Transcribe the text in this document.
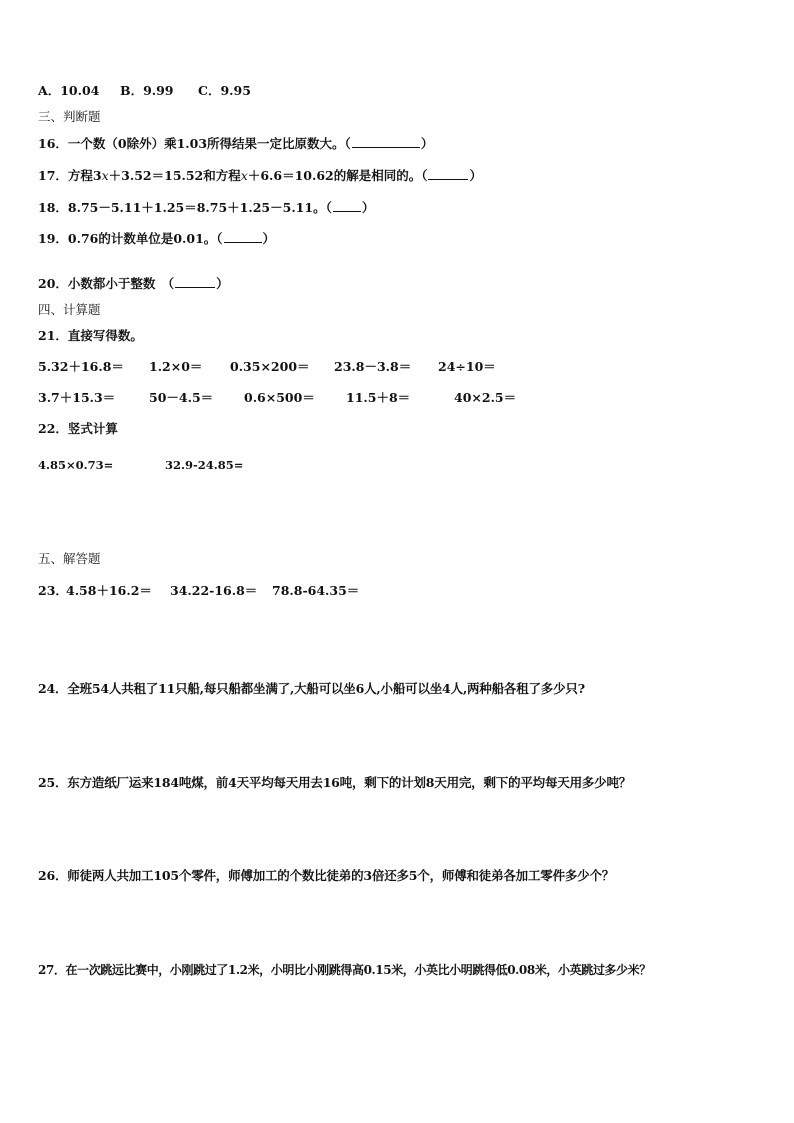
A．10.04 B．9.99 C．9.95
三、判断题
16．一个数（0除外）乘1.03所得结果一定比原数大。（	）
17．方程3x＋3.52＝15.52和方程x＋6.6＝10.62的解是相同的。（	）
18．8.75－5.11＋1.25＝8.75＋1.25－5.11。（ ）
19．0.76的计数单位是0.01。（	）
20．小数都小于整数　（	）
四、计算题
21．直接写得数。
5.32＋16.8＝ 1.2×0＝ 0.35×200＝ 23.8－3.8＝ 24÷10＝
3.7＋15.3＝	50－4.5＝ 0.6×500＝ 11.5＋8＝	40×2.5＝
22．竖式计算
4.85×0.73=	32.9-24.85=
五、解答题
23．
4.58＋16.2＝ 34.22-16.8＝ 78.8-64.35＝
24．全班54人共租了11只船,每只船都坐满了,大船可以坐6人,小船可以坐4人,两种船各租了多少只?
25．东方造纸厂运来184吨煤，前4天平均每天用去16吨，剩下的计划8天用完，剩下的平均每天用多少吨？
26．师徒两人共加工105个零件，师傅加工的个数比徒弟的3倍还多5个，师傅和徒弟各加工零件多少个？
27．在一次跳远比赛中，小刚跳过了1.2米，小明比小刚跳得高0.15米，小英比小明跳得低0.08米，小英跳过多少米？
